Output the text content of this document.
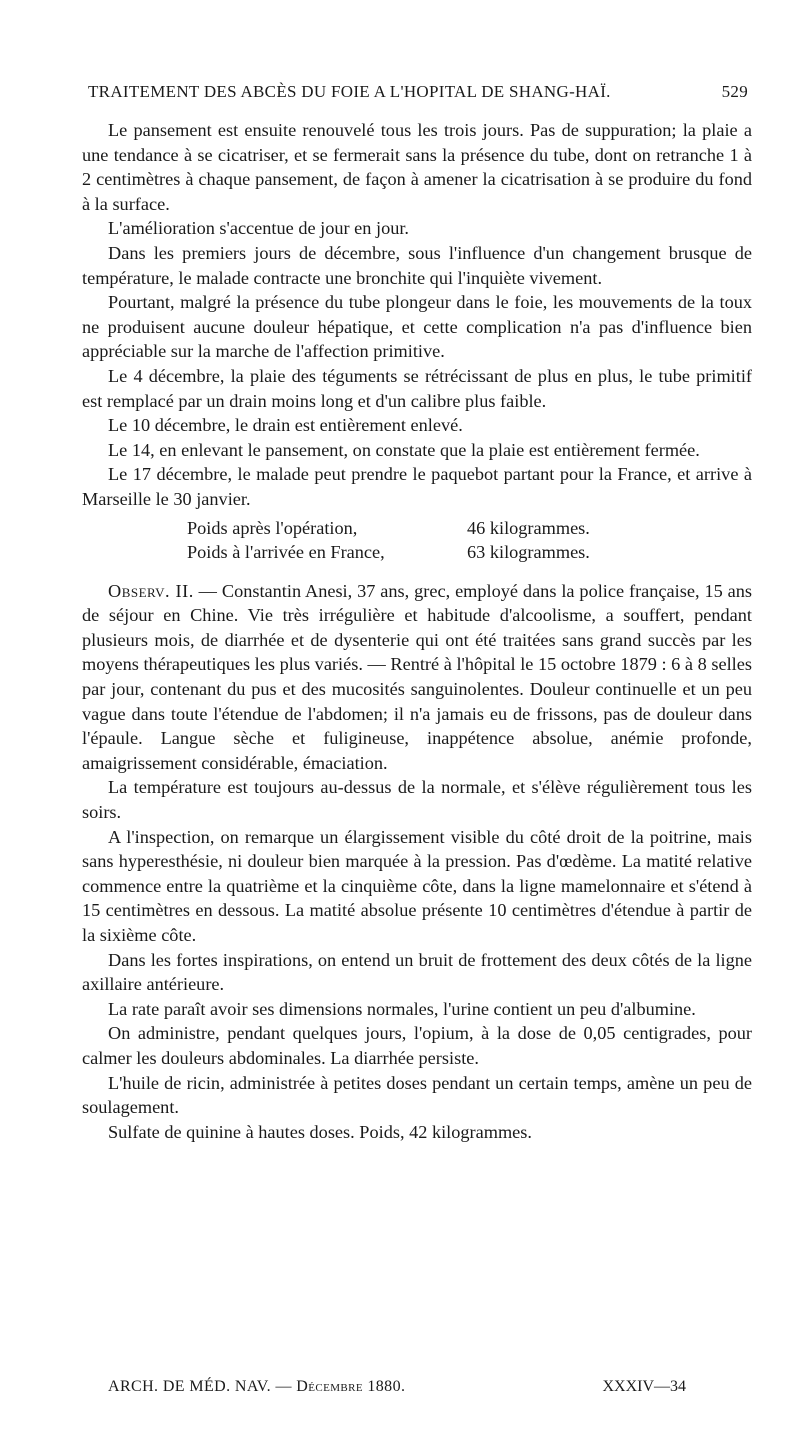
TRAITEMENT DES ABCÈS DU FOIE A L'HOPITAL DE SHANG-HAÏ.	529

Le pansement est ensuite renouvelé tous les trois jours. Pas de suppuration; la plaie a une tendance à se cicatriser, et se fermerait sans la présence du tube, dont on retranche 1 à 2 centimètres à chaque pansement, de façon à amener la cicatrisation à se produire du fond à la surface.

L'amélioration s'accentue de jour en jour.

Dans les premiers jours de décembre, sous l'influence d'un changement brusque de température, le malade contracte une bronchite qui l'inquiète vivement.

Pourtant, malgré la présence du tube plongeur dans le foie, les mouvements de la toux ne produisent aucune douleur hépatique, et cette complication n'a pas d'influence bien appréciable sur la marche de l'affection primitive.

Le 4 décembre, la plaie des téguments se rétrécissant de plus en plus, le tube primitif est remplacé par un drain moins long et d'un calibre plus faible.

Le 10 décembre, le drain est entièrement enlevé.

Le 14, en enlevant le pansement, on constate que la plaie est entièrement fermée.

Le 17 décembre, le malade peut prendre le paquebot partant pour la France, et arrive à Marseille le 30 janvier.

Poids après l'opération,	46 kilogrammes.
Poids à l'arrivée en France,	63 kilogrammes.

Observ. II. — Constantin Anesi, 37 ans, grec, employé dans la police française, 15 ans de séjour en Chine. Vie très irrégulière et habitude d'alcoolisme, a souffert, pendant plusieurs mois, de diarrhée et de dysenterie qui ont été traitées sans grand succès par les moyens thérapeutiques les plus variés. — Rentré à l'hôpital le 15 octobre 1879 : 6 à 8 selles par jour, contenant du pus et des mucosités sanguinolentes. Douleur continuelle et un peu vague dans toute l'étendue de l'abdomen; il n'a jamais eu de frissons, pas de douleur dans l'épaule. Langue sèche et fuligineuse, inappétence absolue, anémie profonde, amaigrissement considérable, émaciation.

La température est toujours au-dessus de la normale, et s'élève régulièrement tous les soirs.

A l'inspection, on remarque un élargissement visible du côté droit de la poitrine, mais sans hyperesthésie, ni douleur bien marquée à la pression. Pas d'œdème. La matité relative commence entre la quatrième et la cinquième côte, dans la ligne mamelonnaire et s'étend à 15 centimètres en dessous. La matité absolue présente 10 centimètres d'étendue à partir de la sixième côte.

Dans les fortes inspirations, on entend un bruit de frottement des deux côtés de la ligne axillaire antérieure.

La rate paraît avoir ses dimensions normales, l'urine contient un peu d'albumine.

On administre, pendant quelques jours, l'opium, à la dose de 0,05 centigrades, pour calmer les douleurs abdominales. La diarrhée persiste.

L'huile de ricin, administrée à petites doses pendant un certain temps, amène un peu de soulagement.

Sulfate de quinine à hautes doses. Poids, 42 kilogrammes.

ARCH. DE MÉD. NAV. — Décembre 1880.	XXXIV—34
